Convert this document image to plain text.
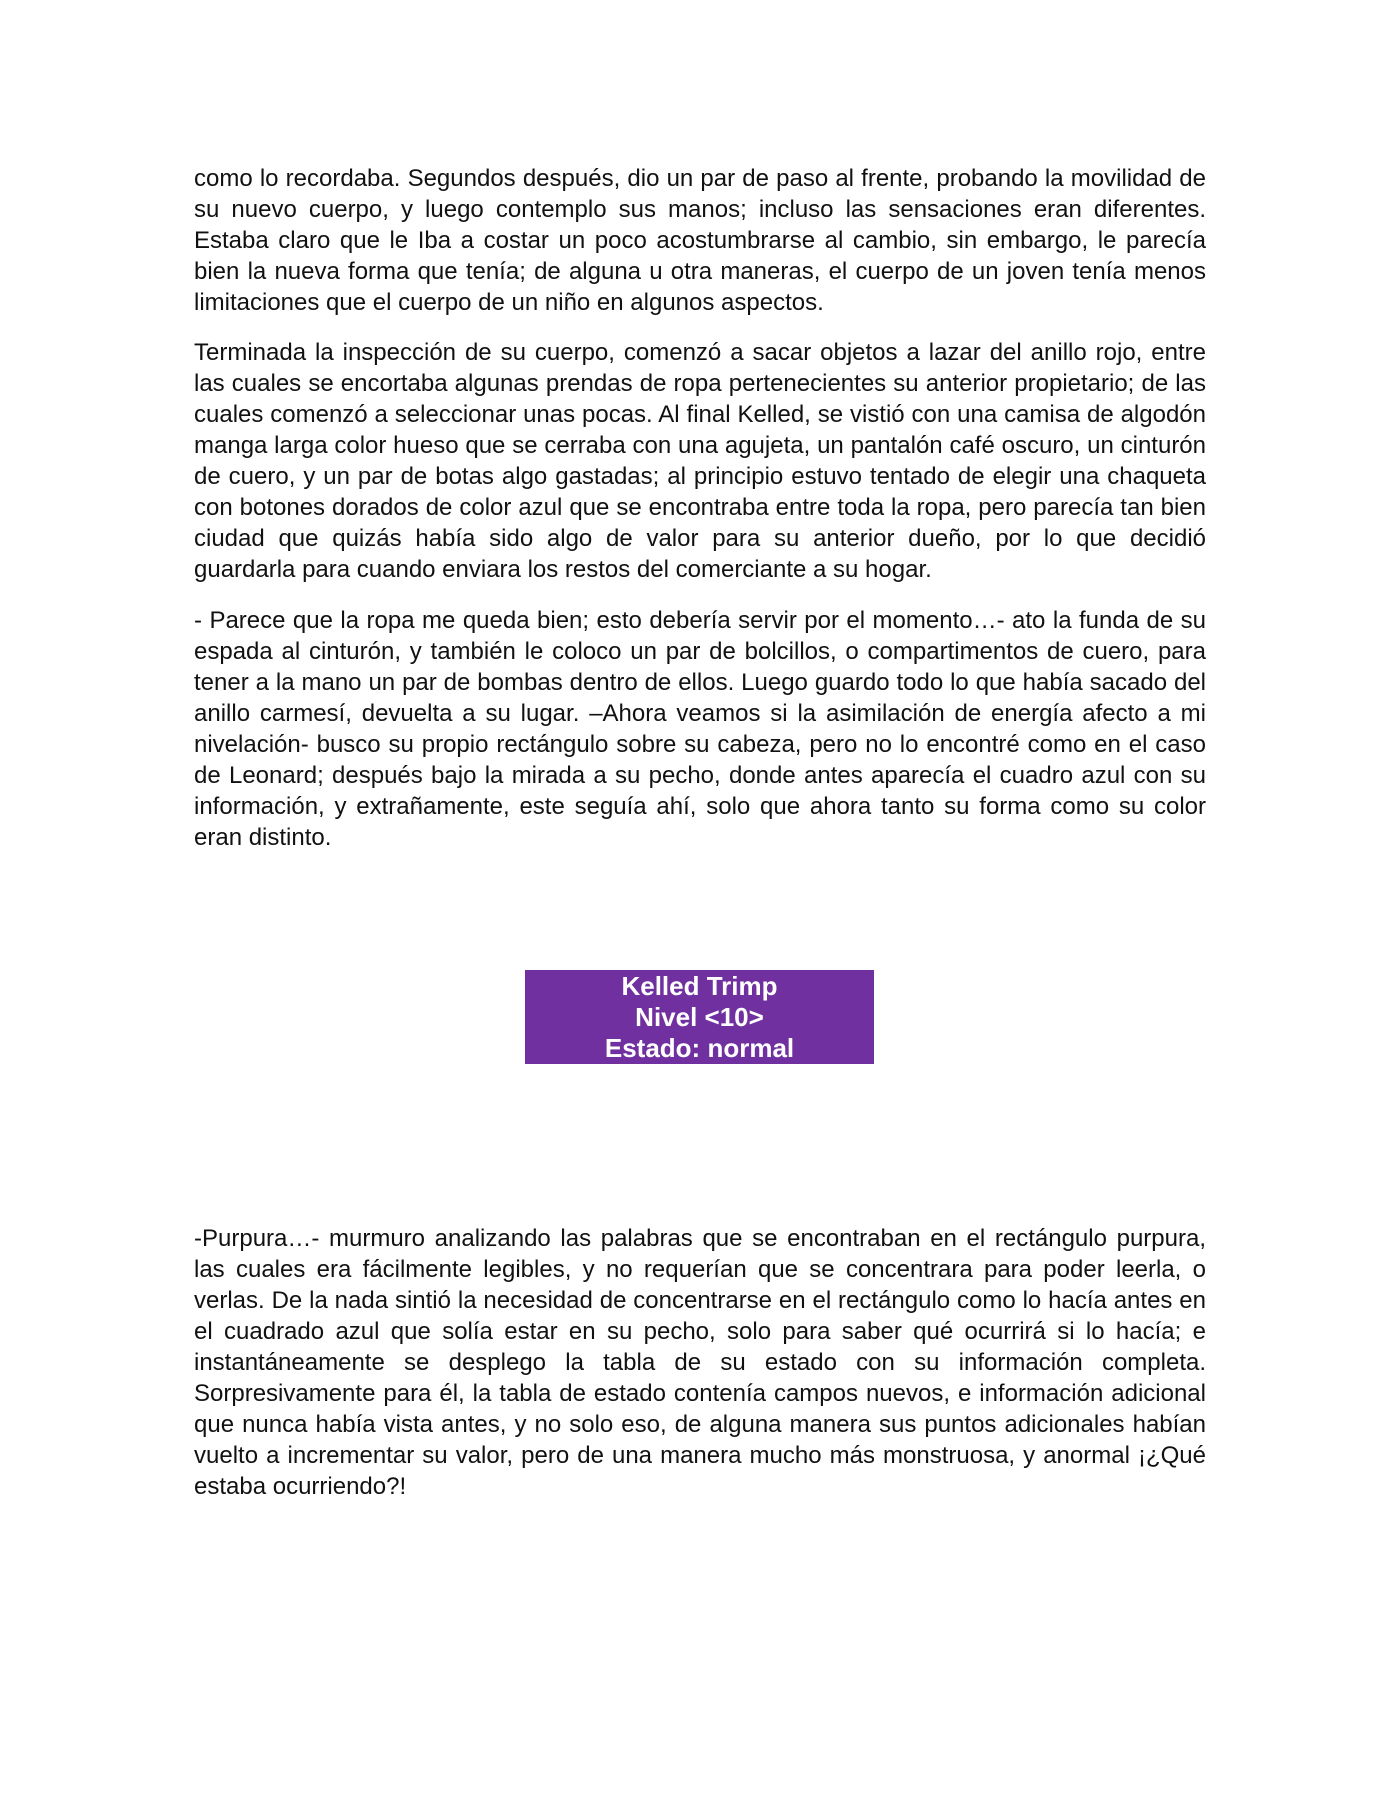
como lo recordaba. Segundos después, dio un par de paso al frente, probando la movilidad de su nuevo cuerpo, y luego contemplo sus manos; incluso las sensaciones eran diferentes. Estaba claro que le Iba a costar un poco acostumbrarse al cambio, sin embargo, le parecía bien la nueva forma que tenía; de alguna u otra maneras, el cuerpo de un joven tenía menos limitaciones que el cuerpo de un niño en algunos aspectos.

Terminada la inspección de su cuerpo, comenzó a sacar objetos a lazar del anillo rojo, entre las cuales se encortaba algunas prendas de ropa pertenecientes su anterior propietario; de las cuales comenzó a seleccionar unas pocas. Al final Kelled, se vistió con una camisa de algodón manga larga color hueso que se cerraba con una agujeta, un pantalón café oscuro, un cinturón de cuero, y un par de botas algo gastadas; al principio estuvo tentado de elegir una chaqueta con botones dorados de color azul que se encontraba entre toda la ropa, pero parecía tan bien ciudad que quizás había sido algo de valor para su anterior dueño, por lo que decidió guardarla para cuando enviara los restos del comerciante a su hogar.

- Parece que la ropa me queda bien; esto debería servir por el momento…- ato la funda de su espada al cinturón, y también le coloco un par de bolcillos, o compartimentos de cuero, para tener a la mano un par de bombas dentro de ellos. Luego guardo todo lo que había sacado del anillo carmesí, devuelta a su lugar. –Ahora veamos si la asimilación de energía afecto a mi nivelación- busco su propio rectángulo sobre su cabeza, pero no lo encontré como en el caso de Leonard; después bajo la mirada a su pecho, donde antes aparecía el cuadro azul con su información, y extrañamente, este seguía ahí, solo que ahora tanto su forma como su color eran distinto.

Kelled Trimp
Nivel <10>
Estado: normal

-Purpura…- murmuro analizando las palabras que se encontraban en el rectángulo purpura, las cuales era fácilmente legibles, y no requerían que se concentrara para poder leerla, o verlas. De la nada sintió la necesidad de concentrarse en el rectángulo como lo hacía antes en el cuadrado azul que solía estar en su pecho, solo para saber qué ocurrirá si lo hacía; e instantáneamente se desplego la tabla de su estado con su información completa. Sorpresivamente para él, la tabla de estado contenía campos nuevos, e información adicional que nunca había vista antes, y no solo eso, de alguna manera sus puntos adicionales habían vuelto a incrementar su valor, pero de una manera mucho más monstruosa, y anormal ¡¿Qué estaba ocurriendo?!
